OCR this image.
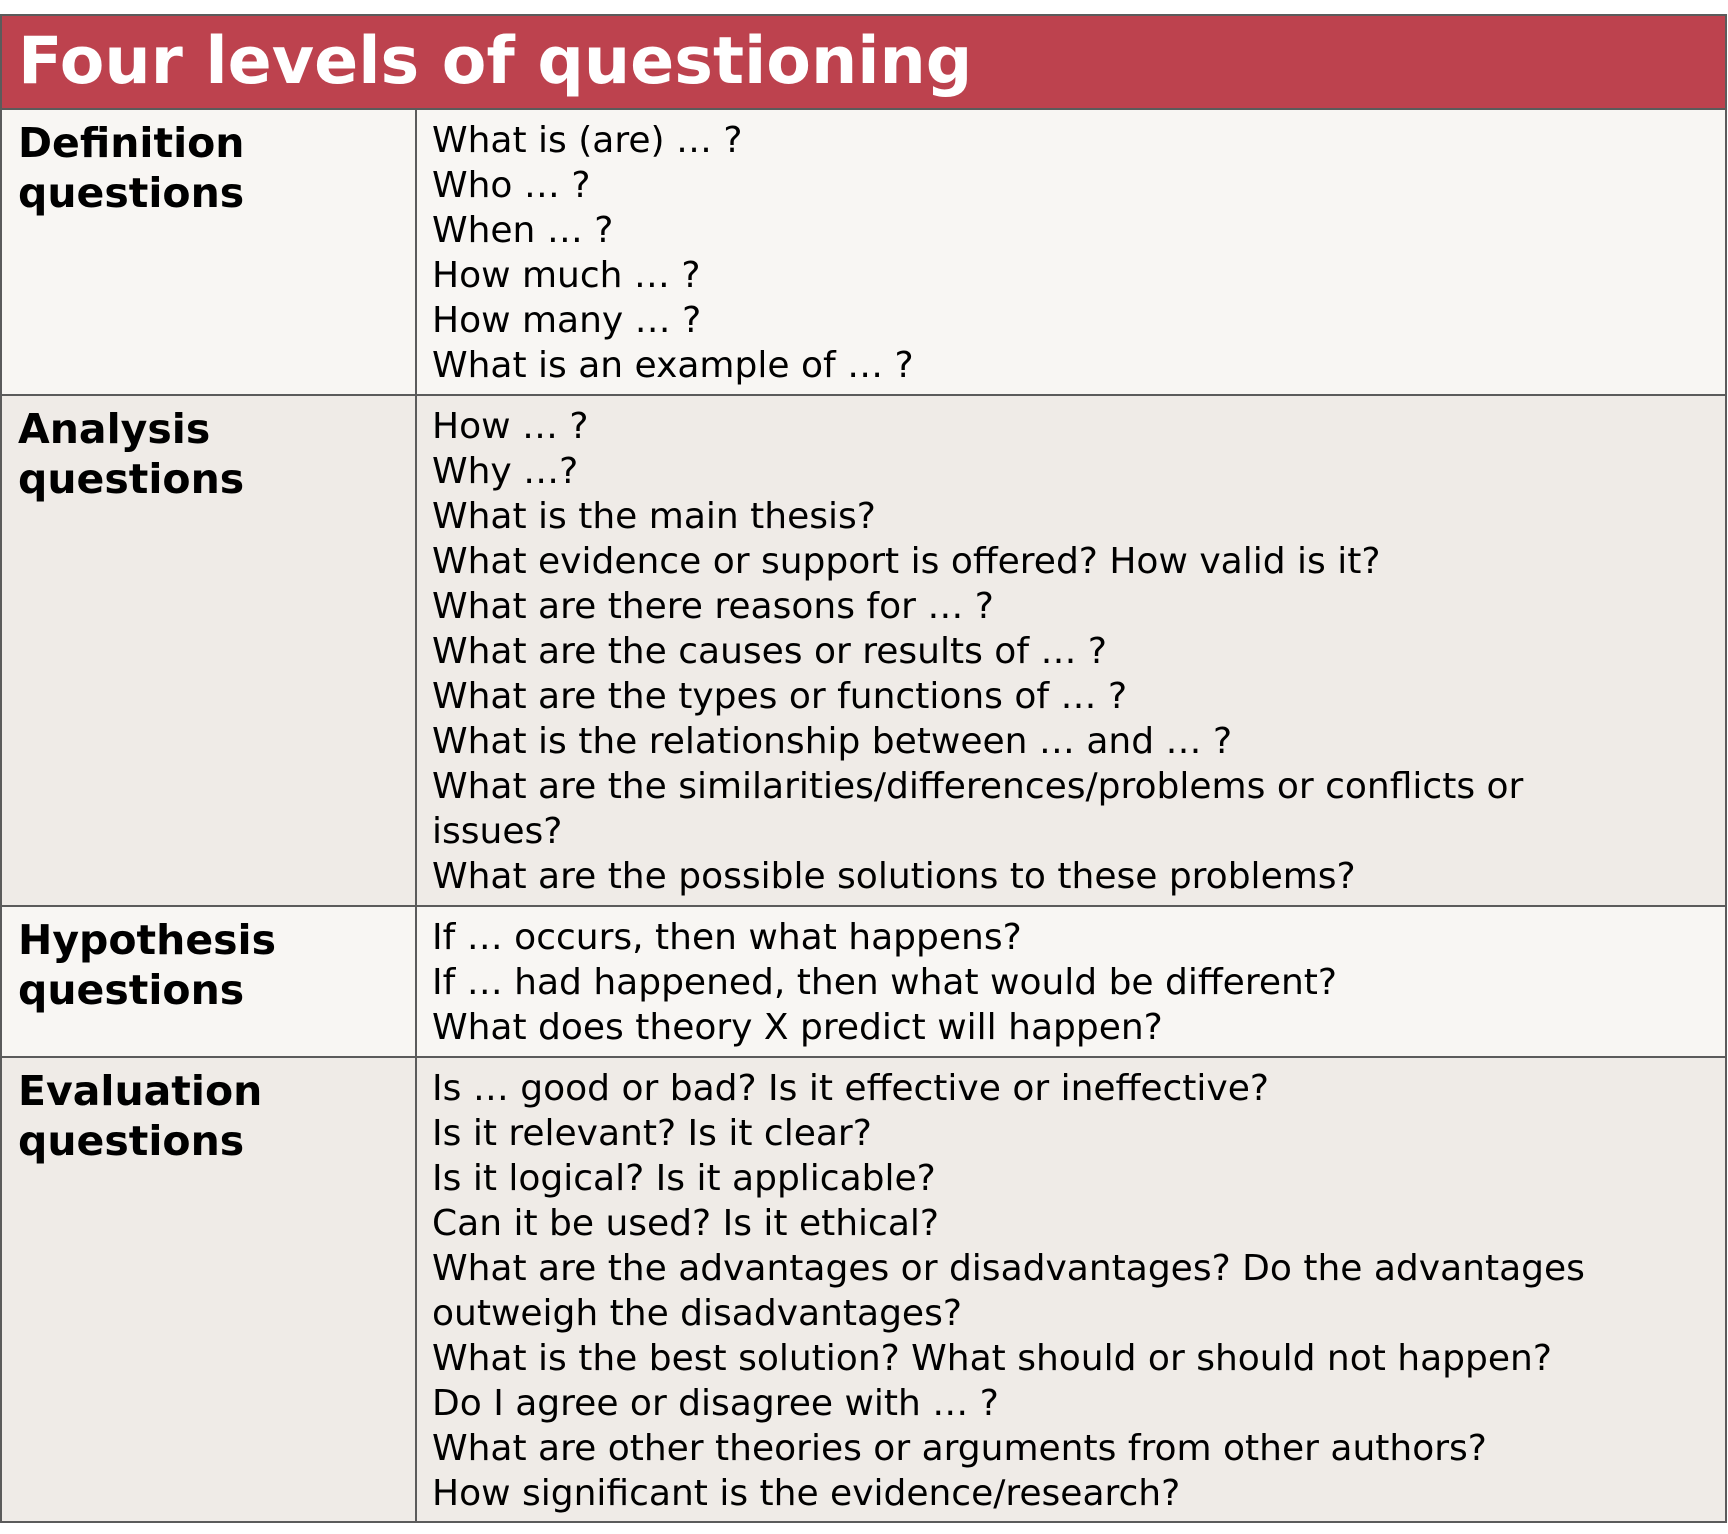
Four levels of questioning
Definition
questions
What is (are) … ?
Who … ?
When … ?
How much … ?
How many … ?
What is an example of … ?
Analysis
questions
How … ?
Why …?
What is the main thesis?
What evidence or support is offered? How valid is it?
What are there reasons for … ?
What are the causes or results of … ?
What are the types or functions of … ?
What is the relationship between … and … ?
What are the similarities/differences/problems or conflicts or
issues?
What are the possible solutions to these problems?
Hypothesis
questions
If … occurs, then what happens?
If … had happened, then what would be different?
What does theory X predict will happen?
Evaluation
questions
Is … good or bad? Is it effective or ineffective?
Is it relevant? Is it clear?
Is it logical? Is it applicable?
Can it be used? Is it ethical?
What are the advantages or disadvantages? Do the advantages
outweigh the disadvantages?
What is the best solution? What should or should not happen?
Do I agree or disagree with … ?
What are other theories or arguments from other authors?
How significant is the evidence/research?
